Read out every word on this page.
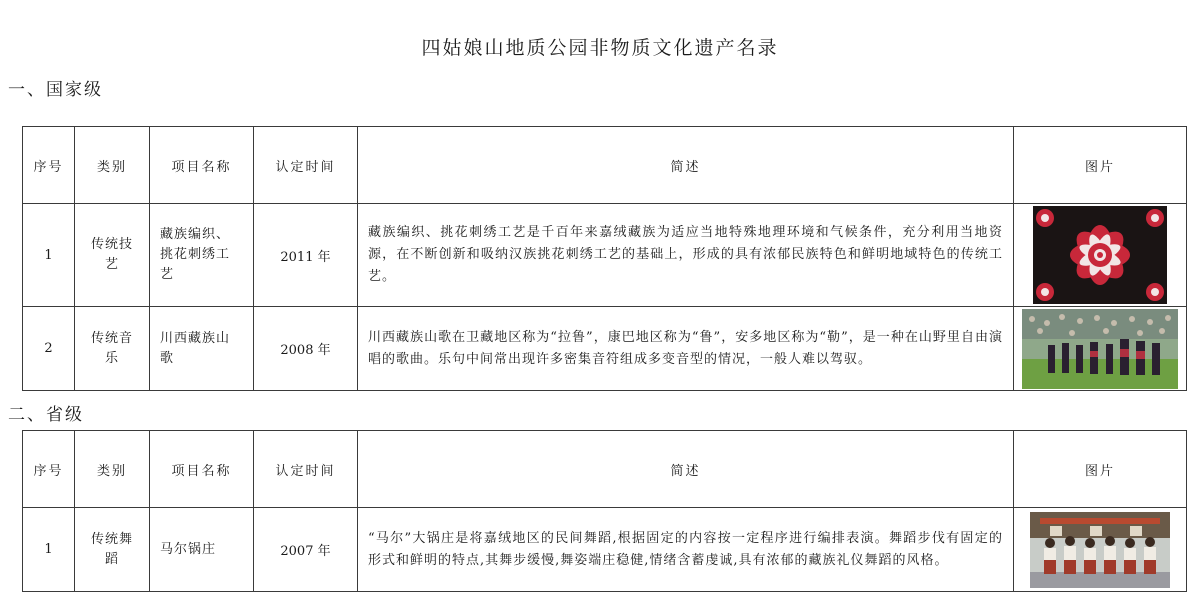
四姑娘山地质公园非物质文化遗产名录
一、国家级
序号	类别	项目名称	认定时间	简述	图片
1	传统技艺	藏族编织、挑花刺绣工艺	2011 年	藏族编织、挑花刺绣工艺是千百年来嘉绒藏族为适应当地特殊地理环境和气候条件，充分利用当地资源，在不断创新和吸纳汉族挑花刺绣工艺的基础上，形成的具有浓郁民族特色和鲜明地域特色的传统工艺。

2	传统音乐	川西藏族山歌	2008 年	川西藏族山歌在卫藏地区称为“拉鲁”，康巴地区称为“鲁”，安多地区称为“勒”，是一种在山野里自由演唱的歌曲。乐句中间常出现许多密集音符组成多变音型的情况，一般人难以驾驭。

二、省级
序号	类别	项目名称	认定时间	简述	图片
1	传统舞蹈	马尔锅庄	2007 年	“马尔”大锅庄是将嘉绒地区的民间舞蹈,根据固定的内容按一定程序进行编排表演。舞蹈步伐有固定的形式和鲜明的特点,其舞步缓慢,舞姿端庄稳健,情绪含蓄虔诚,具有浓郁的藏族礼仪舞蹈的风格。
